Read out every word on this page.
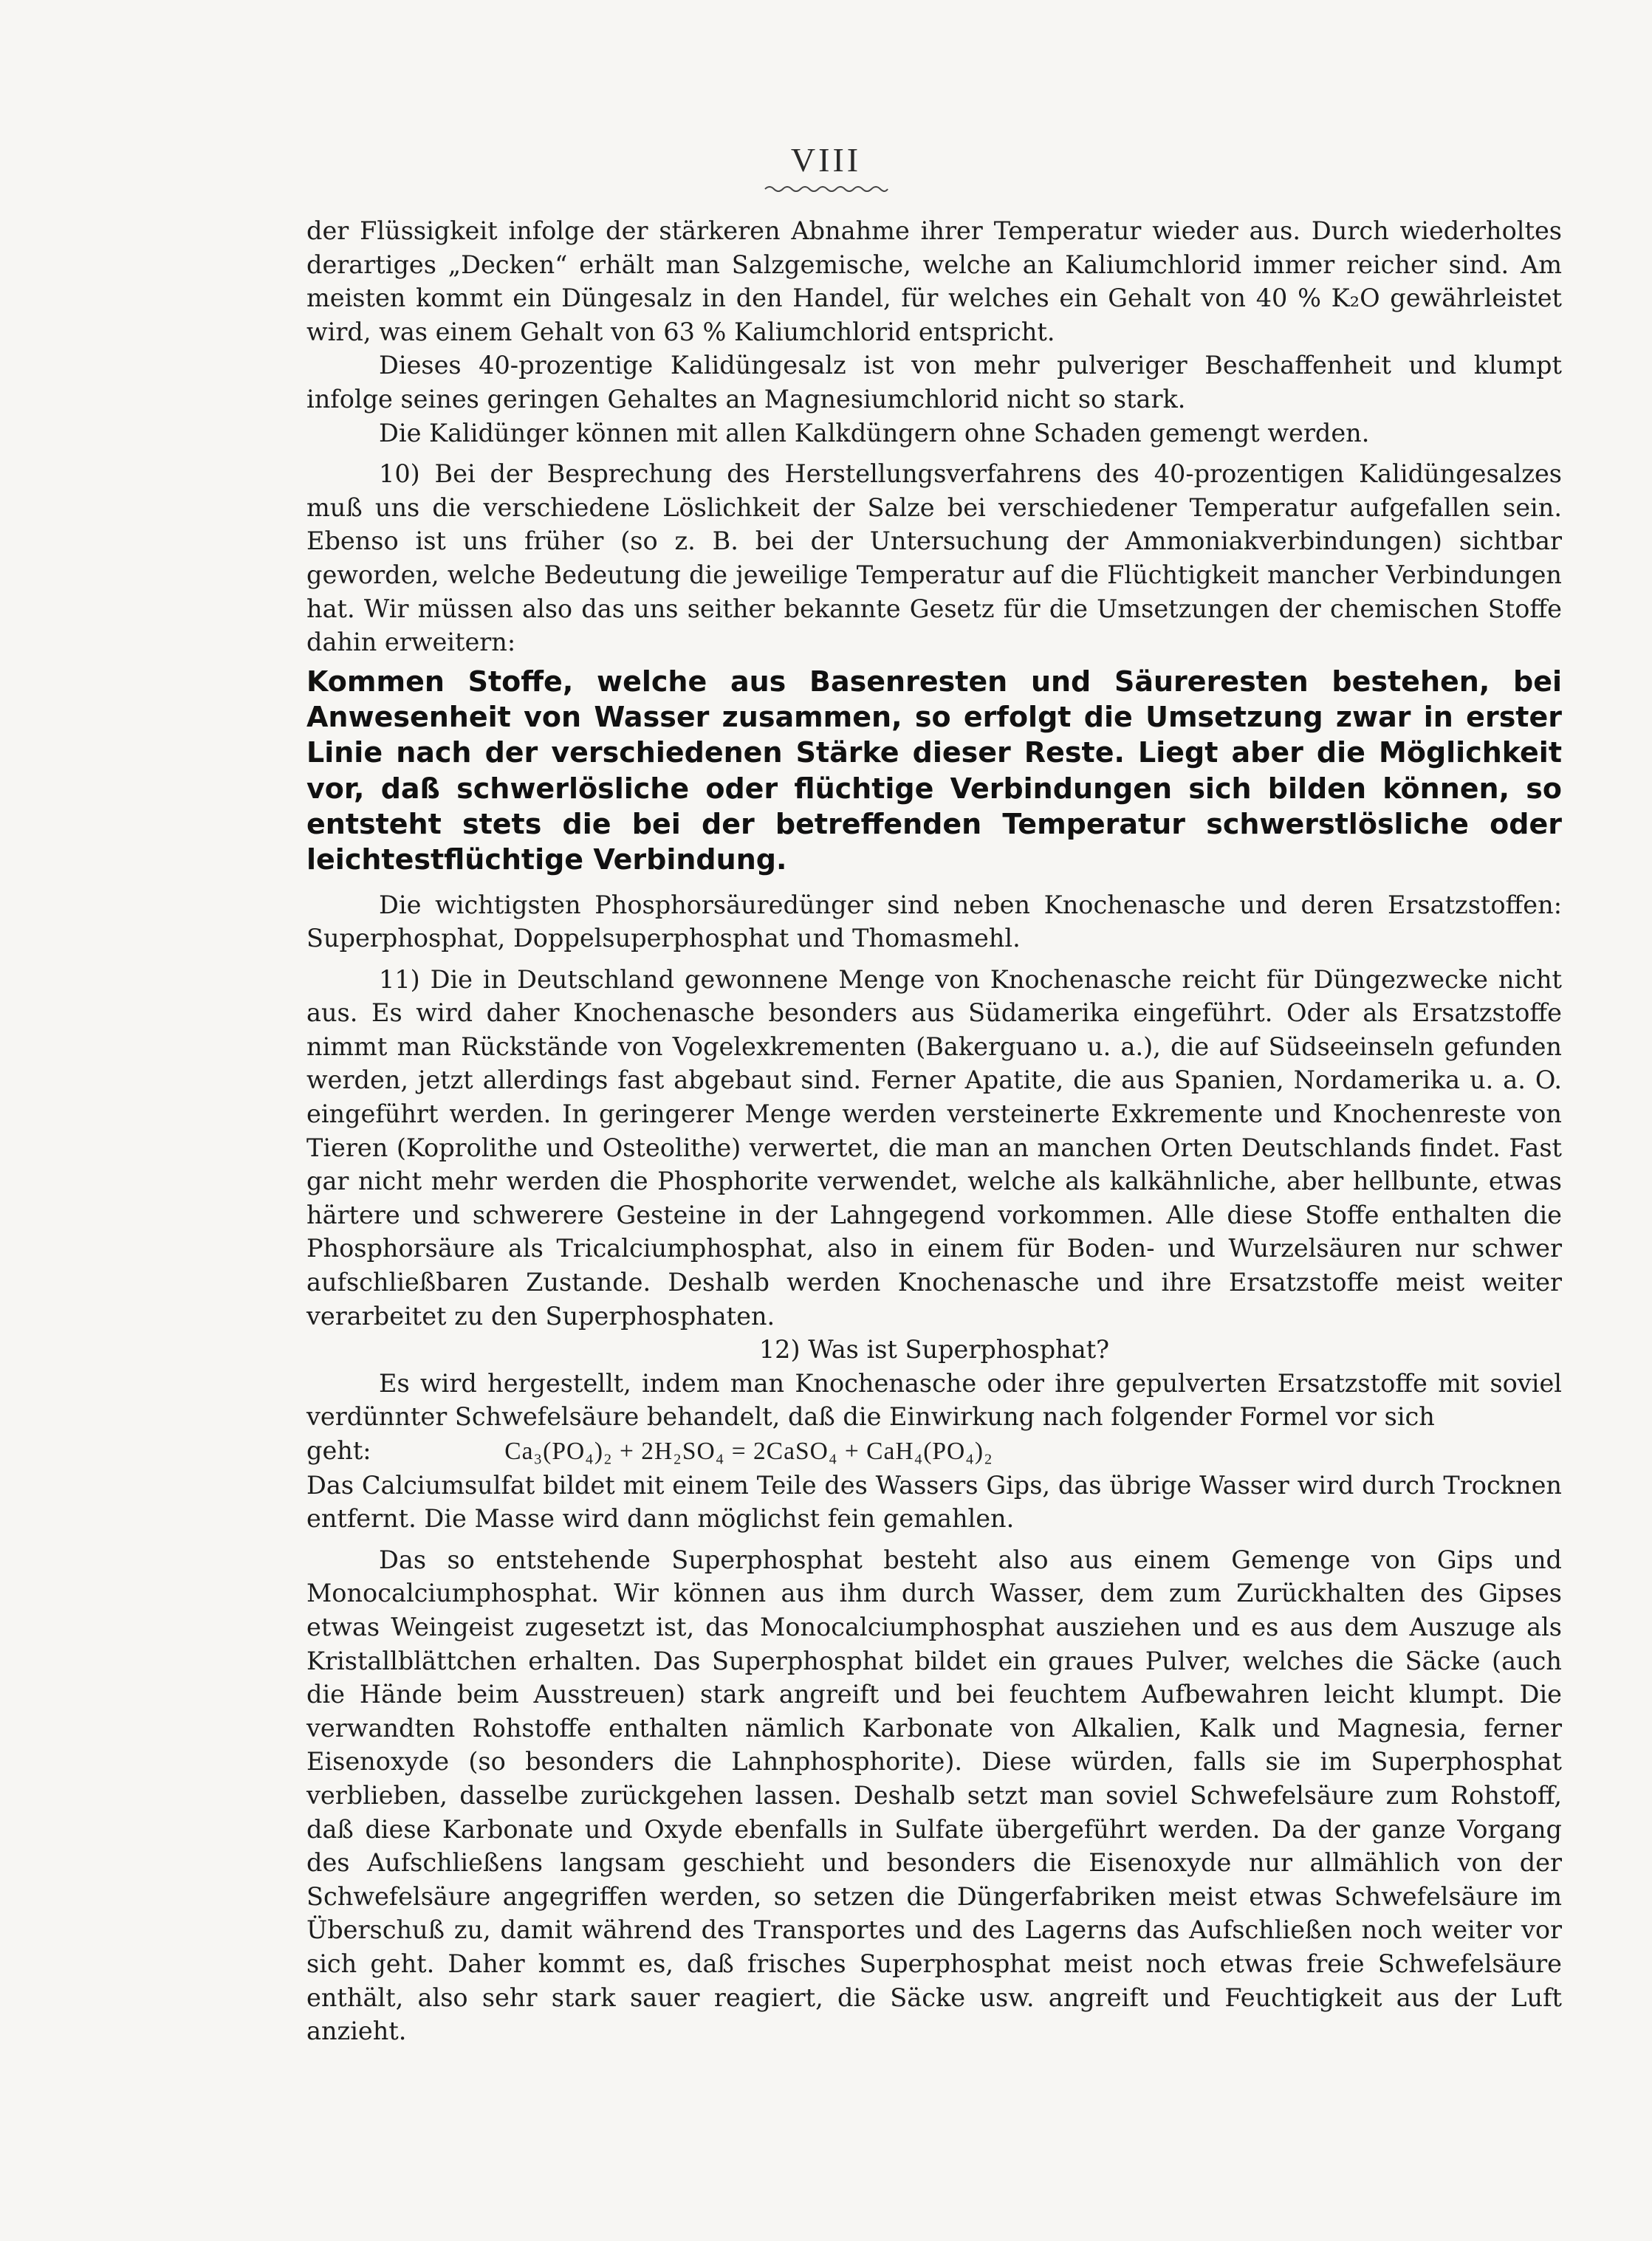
VIII

der Flüssigkeit infolge der stärkeren Abnahme ihrer Temperatur wieder aus. Durch wiederholtes derartiges „Decken“ erhält man Salzgemische, welche an Kaliumchlorid immer reicher sind. Am meisten kommt ein Düngesalz in den Handel, für welches ein Gehalt von 40 % K₂O gewährleistet wird, was einem Gehalt von 63 % Kaliumchlorid entspricht.

Dieses 40-prozentige Kalidüngesalz ist von mehr pulveriger Beschaffenheit und klumpt infolge seines geringen Gehaltes an Magnesiumchlorid nicht so stark.

Die Kalidünger können mit allen Kalkdüngern ohne Schaden gemengt werden.

10) Bei der Besprechung des Herstellungsverfahrens des 40-prozentigen Kalidüngesalzes muß uns die verschiedene Löslichkeit der Salze bei verschiedener Temperatur aufgefallen sein. Ebenso ist uns früher (so z. B. bei der Untersuchung der Ammoniakverbindungen) sichtbar geworden, welche Bedeutung die jeweilige Temperatur auf die Flüchtigkeit mancher Verbindungen hat. Wir müssen also das uns seither bekannte Gesetz für die Umsetzungen der chemischen Stoffe dahin erweitern:

Kommen Stoffe, welche aus Basenresten und Säureresten bestehen, bei Anwesenheit von Wasser zusammen, so erfolgt die Umsetzung zwar in erster Linie nach der verschiedenen Stärke dieser Reste. Liegt aber die Möglichkeit vor, daß schwerlösliche oder flüchtige Verbindungen sich bilden können, so entsteht stets die bei der betreffenden Temperatur schwerstlösliche oder leichtestflüchtige Verbindung.

Die wichtigsten Phosphorsäuredünger sind neben Knochenasche und deren Ersatzstoffen: Superphosphat, Doppelsuperphosphat und Thomasmehl.

11) Die in Deutschland gewonnene Menge von Knochenasche reicht für Düngezwecke nicht aus. Es wird daher Knochenasche besonders aus Südamerika eingeführt. Oder als Ersatzstoffe nimmt man Rückstände von Vogelexkrementen (Bakerguano u. a.), die auf Südseeinseln gefunden werden, jetzt allerdings fast abgebaut sind. Ferner Apatite, die aus Spanien, Nordamerika u. a. O. eingeführt werden. In geringerer Menge werden versteinerte Exkremente und Knochenreste von Tieren (Koprolithe und Osteolithe) verwertet, die man an manchen Orten Deutschlands findet. Fast gar nicht mehr werden die Phosphorite verwendet, welche als kalkähnliche, aber hellbunte, etwas härtere und schwerere Gesteine in der Lahngegend vorkommen. Alle diese Stoffe enthalten die Phosphorsäure als Tricalciumphosphat, also in einem für Boden- und Wurzelsäuren nur schwer aufschließbaren Zustande. Deshalb werden Knochenasche und ihre Ersatzstoffe meist weiter verarbeitet zu den Superphosphaten.

12) Was ist Superphosphat?

Es wird hergestellt, indem man Knochenasche oder ihre gepulverten Ersatzstoffe mit soviel verdünnter Schwefelsäure behandelt, daß die Einwirkung nach folgender Formel vor sich

geht:	Ca₃(PO₄)₂ + 2H₂SO₄ = 2CaSO₄ + CaH₄(PO₄)₂

Das Calciumsulfat bildet mit einem Teile des Wassers Gips, das übrige Wasser wird durch Trocknen entfernt. Die Masse wird dann möglichst fein gemahlen.

Das so entstehende Superphosphat besteht also aus einem Gemenge von Gips und Monocalciumphosphat. Wir können aus ihm durch Wasser, dem zum Zurückhalten des Gipses etwas Weingeist zugesetzt ist, das Monocalciumphosphat ausziehen und es aus dem Auszuge als Kristallblättchen erhalten. Das Superphosphat bildet ein graues Pulver, welches die Säcke (auch die Hände beim Ausstreuen) stark angreift und bei feuchtem Aufbewahren leicht klumpt. Die verwandten Rohstoffe enthalten nämlich Karbonate von Alkalien, Kalk und Magnesia, ferner Eisenoxyde (so besonders die Lahnphosphorite). Diese würden, falls sie im Superphosphat verblieben, dasselbe zurückgehen lassen. Deshalb setzt man soviel Schwefelsäure zum Rohstoff, daß diese Karbonate und Oxyde ebenfalls in Sulfate übergeführt werden. Da der ganze Vorgang des Aufschließens langsam geschieht und besonders die Eisenoxyde nur allmählich von der Schwefelsäure angegriffen werden, so setzen die Düngerfabriken meist etwas Schwefelsäure im Überschuß zu, damit während des Transportes und des Lagerns das Aufschließen noch weiter vor sich geht. Daher kommt es, daß frisches Superphosphat meist noch etwas freie Schwefelsäure enthält, also sehr stark sauer reagiert, die Säcke usw. angreift und Feuchtigkeit aus der Luft anzieht.
